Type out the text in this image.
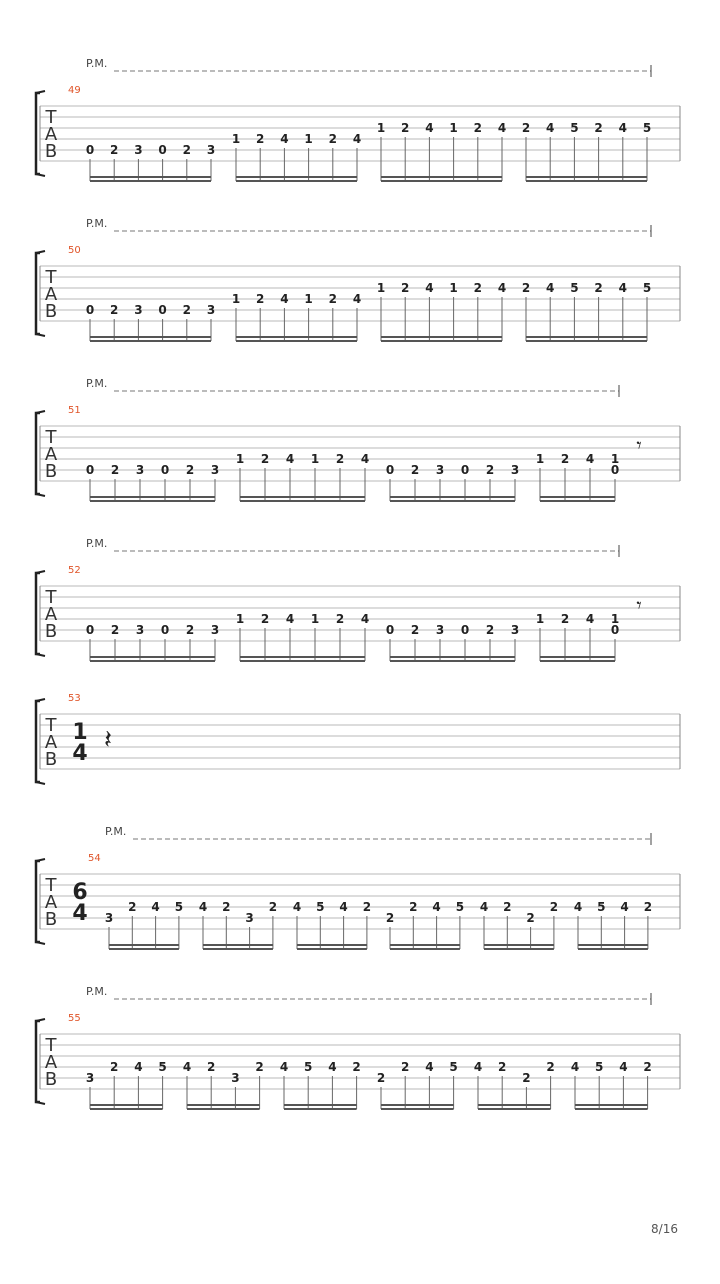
T
A
B
49
P.M.
0 2 3 0 2 3
1 2 4 1 2 4
1 2 4 1 2 4 2 4 5 2 4 5
T
A
B
50
P.M.
0 2 3 0 2 3
1 2 4 1 2 4
1 2 4 1 2 4 2 4 5 2 4 5
T
A
B
51
P.M.
0 2 3 0 2 3
1 2 4 1 2 4
0 2 3 0 2 3
1 2 4 1
0
𝄾
T
A
B
52
P.M.
0 2 3 0 2 3
1 2 4 1 2 4
0 2 3 0 2 3
1 2 4 1
0
𝄾
T
A
B
53
1
4 𝄽
T
A
B
54
P.M.
6
4 3
2 4 5 4 2
3
2 4 5 4 2
2
2 4 5 4 2
2
2 4 5 4 2
T
A
B
55
P.M.
3
2 4 5 4 2
3
2 4 5 4 2
2
2 4 5 4 2
2
2 4 5 4 2
8/16
